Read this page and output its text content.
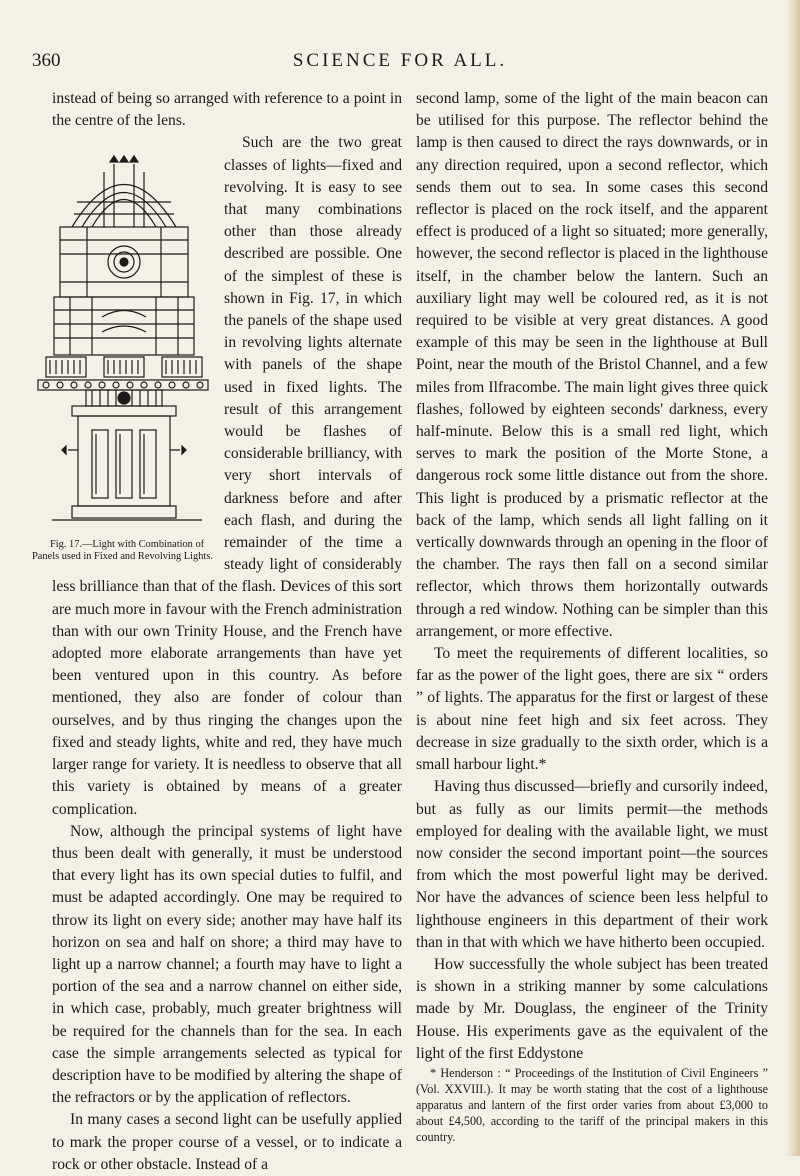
360	SCIENCE FOR ALL.

instead of being so arranged with reference to a point in the centre of the lens.

Fig. 17.—Light with Combination of Panels used in Fixed and Revolving Lights.
Such are the two great classes of lights—fixed and revolving. It is easy to see that many combinations other than those already described are possible. One of the simplest of these is shown in Fig. 17, in which the panels of the shape used in revolving lights alternate with panels of the shape used in fixed lights. The result of this arrangement would be flashes of considerable brilliancy, with very short intervals of darkness before and after each flash, and during the remainder of the time a steady light of considerably less brilliance than that of the flash. Devices of this sort are much more in favour with the French administration than with our own Trinity House, and the French have adopted more elaborate arrangements than have yet been ventured upon in this country. As before mentioned, they also are fonder of colour than ourselves, and by thus ringing the changes upon the fixed and steady lights, white and red, they have much larger range for variety. It is needless to observe that all this variety is obtained by means of a greater complication.

Now, although the principal systems of light have thus been dealt with generally, it must be understood that every light has its own special duties to fulfil, and must be adapted accordingly. One may be required to throw its light on every side; another may have half its horizon on sea and half on shore; a third may have to light up a narrow channel; a fourth may have to light a portion of the sea and a narrow channel on either side, in which case, probably, much greater brightness will be required for the channels than for the sea. In each case the simple arrangements selected as typical for description have to be modified by altering the shape of the refractors or by the application of reflectors.

In many cases a second light can be usefully applied to mark the proper course of a vessel, or to indicate a rock or other obstacle. Instead of a

second lamp, some of the light of the main beacon can be utilised for this purpose. The reflector behind the lamp is then caused to direct the rays downwards, or in any direction required, upon a second reflector, which sends them out to sea. In some cases this second reflector is placed on the rock itself, and the apparent effect is produced of a light so situated; more generally, however, the second reflector is placed in the lighthouse itself, in the chamber below the lantern. Such an auxiliary light may well be coloured red, as it is not required to be visible at very great distances. A good example of this may be seen in the lighthouse at Bull Point, near the mouth of the Bristol Channel, and a few miles from Ilfracombe. The main light gives three quick flashes, followed by eighteen seconds' darkness, every half-minute. Below this is a small red light, which serves to mark the position of the Morte Stone, a dangerous rock some little distance out from the shore. This light is produced by a prismatic reflector at the back of the lamp, which sends all light falling on it vertically downwards through an opening in the floor of the chamber. The rays then fall on a second similar reflector, which throws them horizontally outwards through a red window. Nothing can be simpler than this arrangement, or more effective.

To meet the requirements of different localities, so far as the power of the light goes, there are six “ orders ” of lights. The apparatus for the first or largest of these is about nine feet high and six feet across. They decrease in size gradually to the sixth order, which is a small harbour light.*

Having thus discussed—briefly and cursorily indeed, but as fully as our limits permit—the methods employed for dealing with the available light, we must now consider the second important point—the sources from which the most powerful light may be derived. Nor have the advances of science been less helpful to lighthouse engineers in this department of their work than in that with which we have hitherto been occupied.

How successfully the whole subject has been treated is shown in a striking manner by some calculations made by Mr. Douglass, the engineer of the Trinity House. His experiments gave as the equivalent of the light of the first Eddystone

* Henderson : “ Proceedings of the Institution of Civil Engineers ” (Vol. XXVIII.). It may be worth stating that the cost of a lighthouse apparatus and lantern of the first order varies from about £3,000 to about £4,500, according to the tariff of the principal makers in this country.
